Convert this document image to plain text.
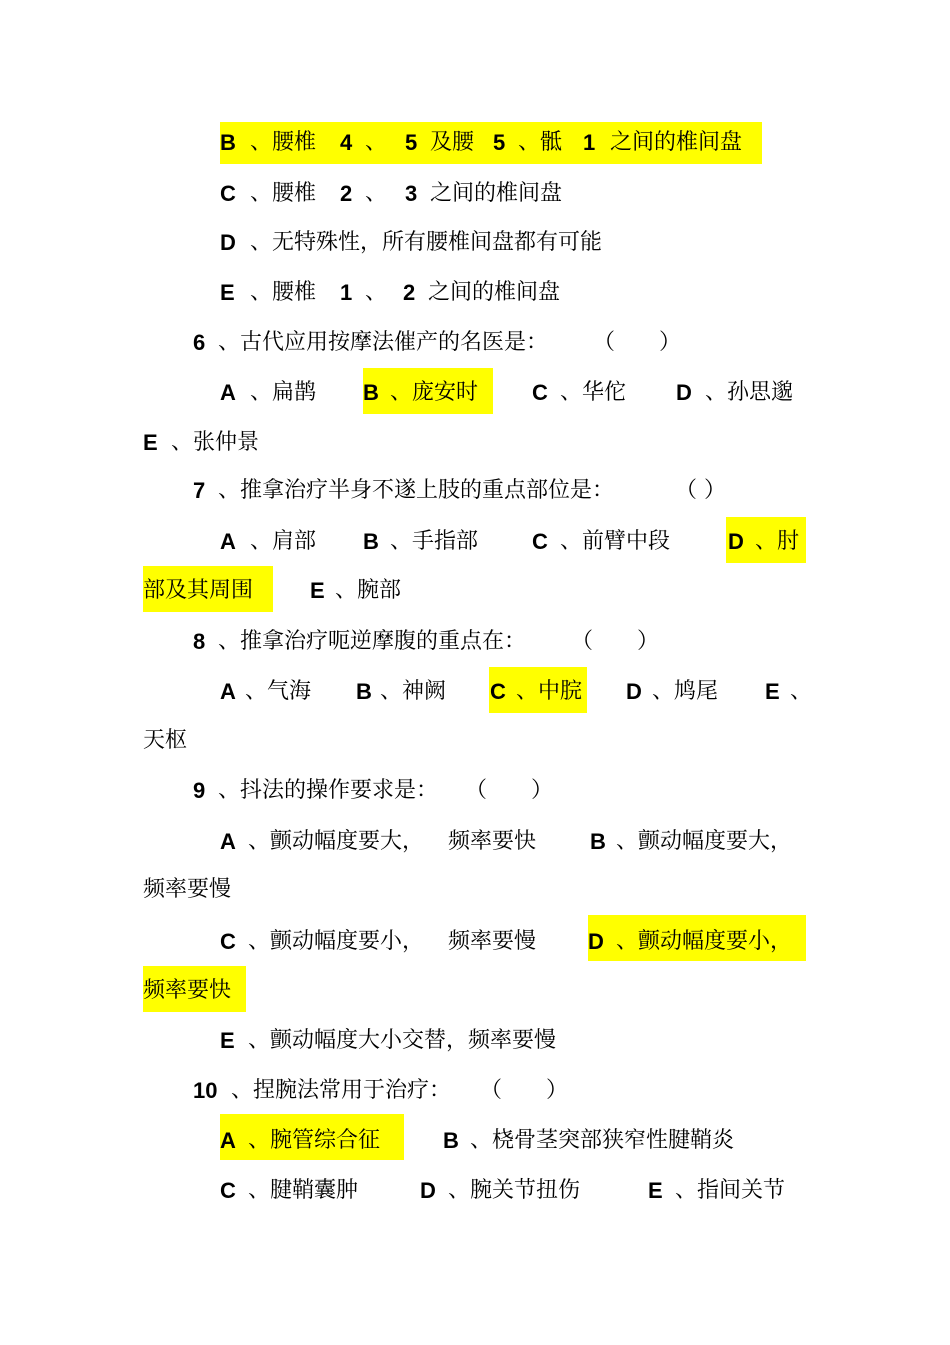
B 、腰椎 4 、 5 及腰 5 、骶 1 之间的椎间盘
C 、腰椎 2 、 3 之间的椎间盘
D 、无特殊性，所有腰椎间盘都有可能
E 、腰椎 1 、 2 之间的椎间盘
6 、古代应用按摩法催产的名医是： （　　）
A 、扁鹊 B 、庞安时 C 、华佗 D 、孙思邈
E 、张仲景
7 、推拿治疗半身不遂上肢的重点部位是：	（ ）
A 、肩部 B 、手指部 C 、前臂中段	D 、肘
部及其周围	E 、腕部
8 、推拿治疗呃逆摩腹的重点在： （　　）
A 、气海 B 、神阙 C 、中脘 D 、鸠尾 E 、
天枢
9 、抖法的操作要求是： （　　）
A 、颤动幅度要大， 频率要快 B 、颤动幅度要大，
频率要慢
C 、颤动幅度要小， 频率要慢 D 、颤动幅度要小，
频率要快
E 、颤动幅度大小交替，频率要慢
10 、捏腕法常用于治疗： （　　）
A 、腕管综合征	B 、桡骨茎突部狭窄性腱鞘炎
C 、腱鞘囊肿	D 、腕关节扭伤	E 、指间关节
